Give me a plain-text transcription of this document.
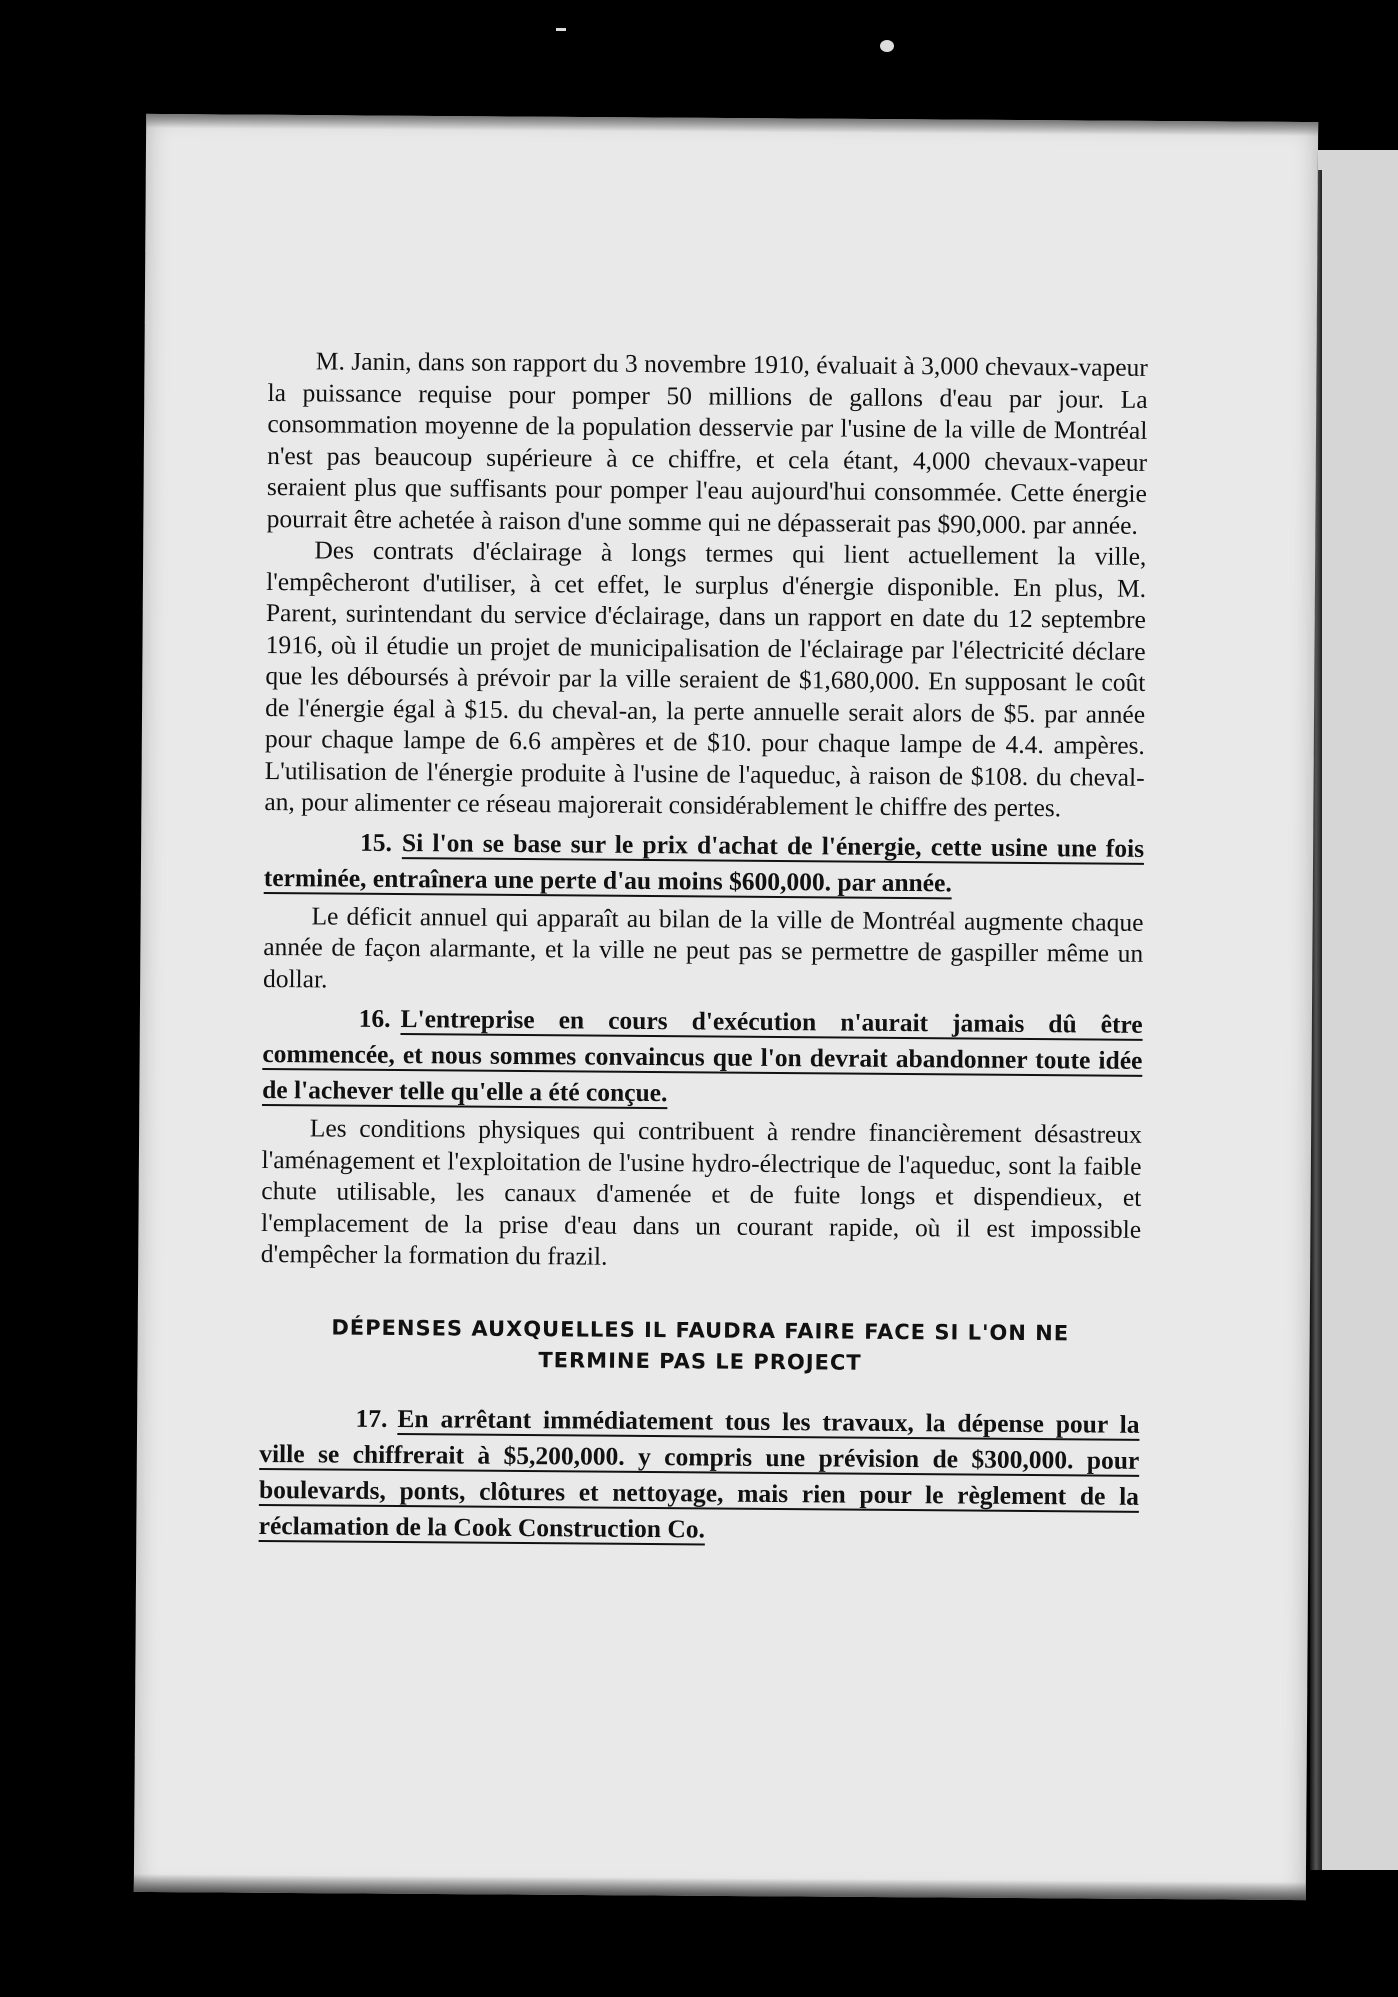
M. Janin, dans son rapport du 3 novembre 1910, évaluait à 3,000 chevaux-vapeur la puissance requise pour pomper 50 millions de gallons d'eau par jour. La consommation moyenne de la population desservie par l'usine de la ville de Montréal n'est pas beaucoup supérieure à ce chiffre, et cela étant, 4,000 chevaux-vapeur seraient plus que suffisants pour pomper l'eau aujourd'hui consommée. Cette énergie pourrait être achetée à raison d'une somme qui ne dépasserait pas $90,000. par année.

Des contrats d'éclairage à longs termes qui lient actuellement la ville, l'empêcheront d'utiliser, à cet effet, le surplus d'énergie disponible. En plus, M. Parent, surintendant du service d'éclairage, dans un rapport en date du 12 septembre 1916, où il étudie un projet de municipalisation de l'éclairage par l'électricité déclare que les déboursés à prévoir par la ville seraient de $1,680,000. En supposant le coût de l'énergie égal à $15. du cheval-an, la perte annuelle serait alors de $5. par année pour chaque lampe de 6.6 ampères et de $10. pour chaque lampe de 4.4. ampères. L'utilisation de l'énergie produite à l'usine de l'aqueduc, à raison de $108. du cheval-an, pour alimenter ce réseau majorerait considérablement le chiffre des pertes.

15. Si l'on se base sur le prix d'achat de l'énergie, cette usine une fois terminée, entraînera une perte d'au moins $600,000. par année.

Le déficit annuel qui apparaît au bilan de la ville de Montréal augmente chaque année de façon alarmante, et la ville ne peut pas se permettre de gaspiller même un dollar.

16. L'entreprise en cours d'exécution n'aurait jamais dû être commencée, et nous sommes convaincus que l'on devrait abandonner toute idée de l'achever telle qu'elle a été conçue.

Les conditions physiques qui contribuent à rendre financièrement désastreux l'aménagement et l'exploitation de l'usine hydro-électrique de l'aqueduc, sont la faible chute utilisable, les canaux d'amenée et de fuite longs et dispendieux, et l'emplacement de la prise d'eau dans un courant rapide, où il est impossible d'empêcher la formation du frazil.

DÉPENSES AUXQUELLES IL FAUDRA FAIRE FACE SI L'ON NE TERMINE PAS LE PROJECT

17. En arrêtant immédiatement tous les travaux, la dépense pour la ville se chiffrerait à $5,200,000. y compris une prévision de $300,000. pour boulevards, ponts, clôtures et nettoyage, mais rien pour le règlement de la réclamation de la Cook Construction Co.
